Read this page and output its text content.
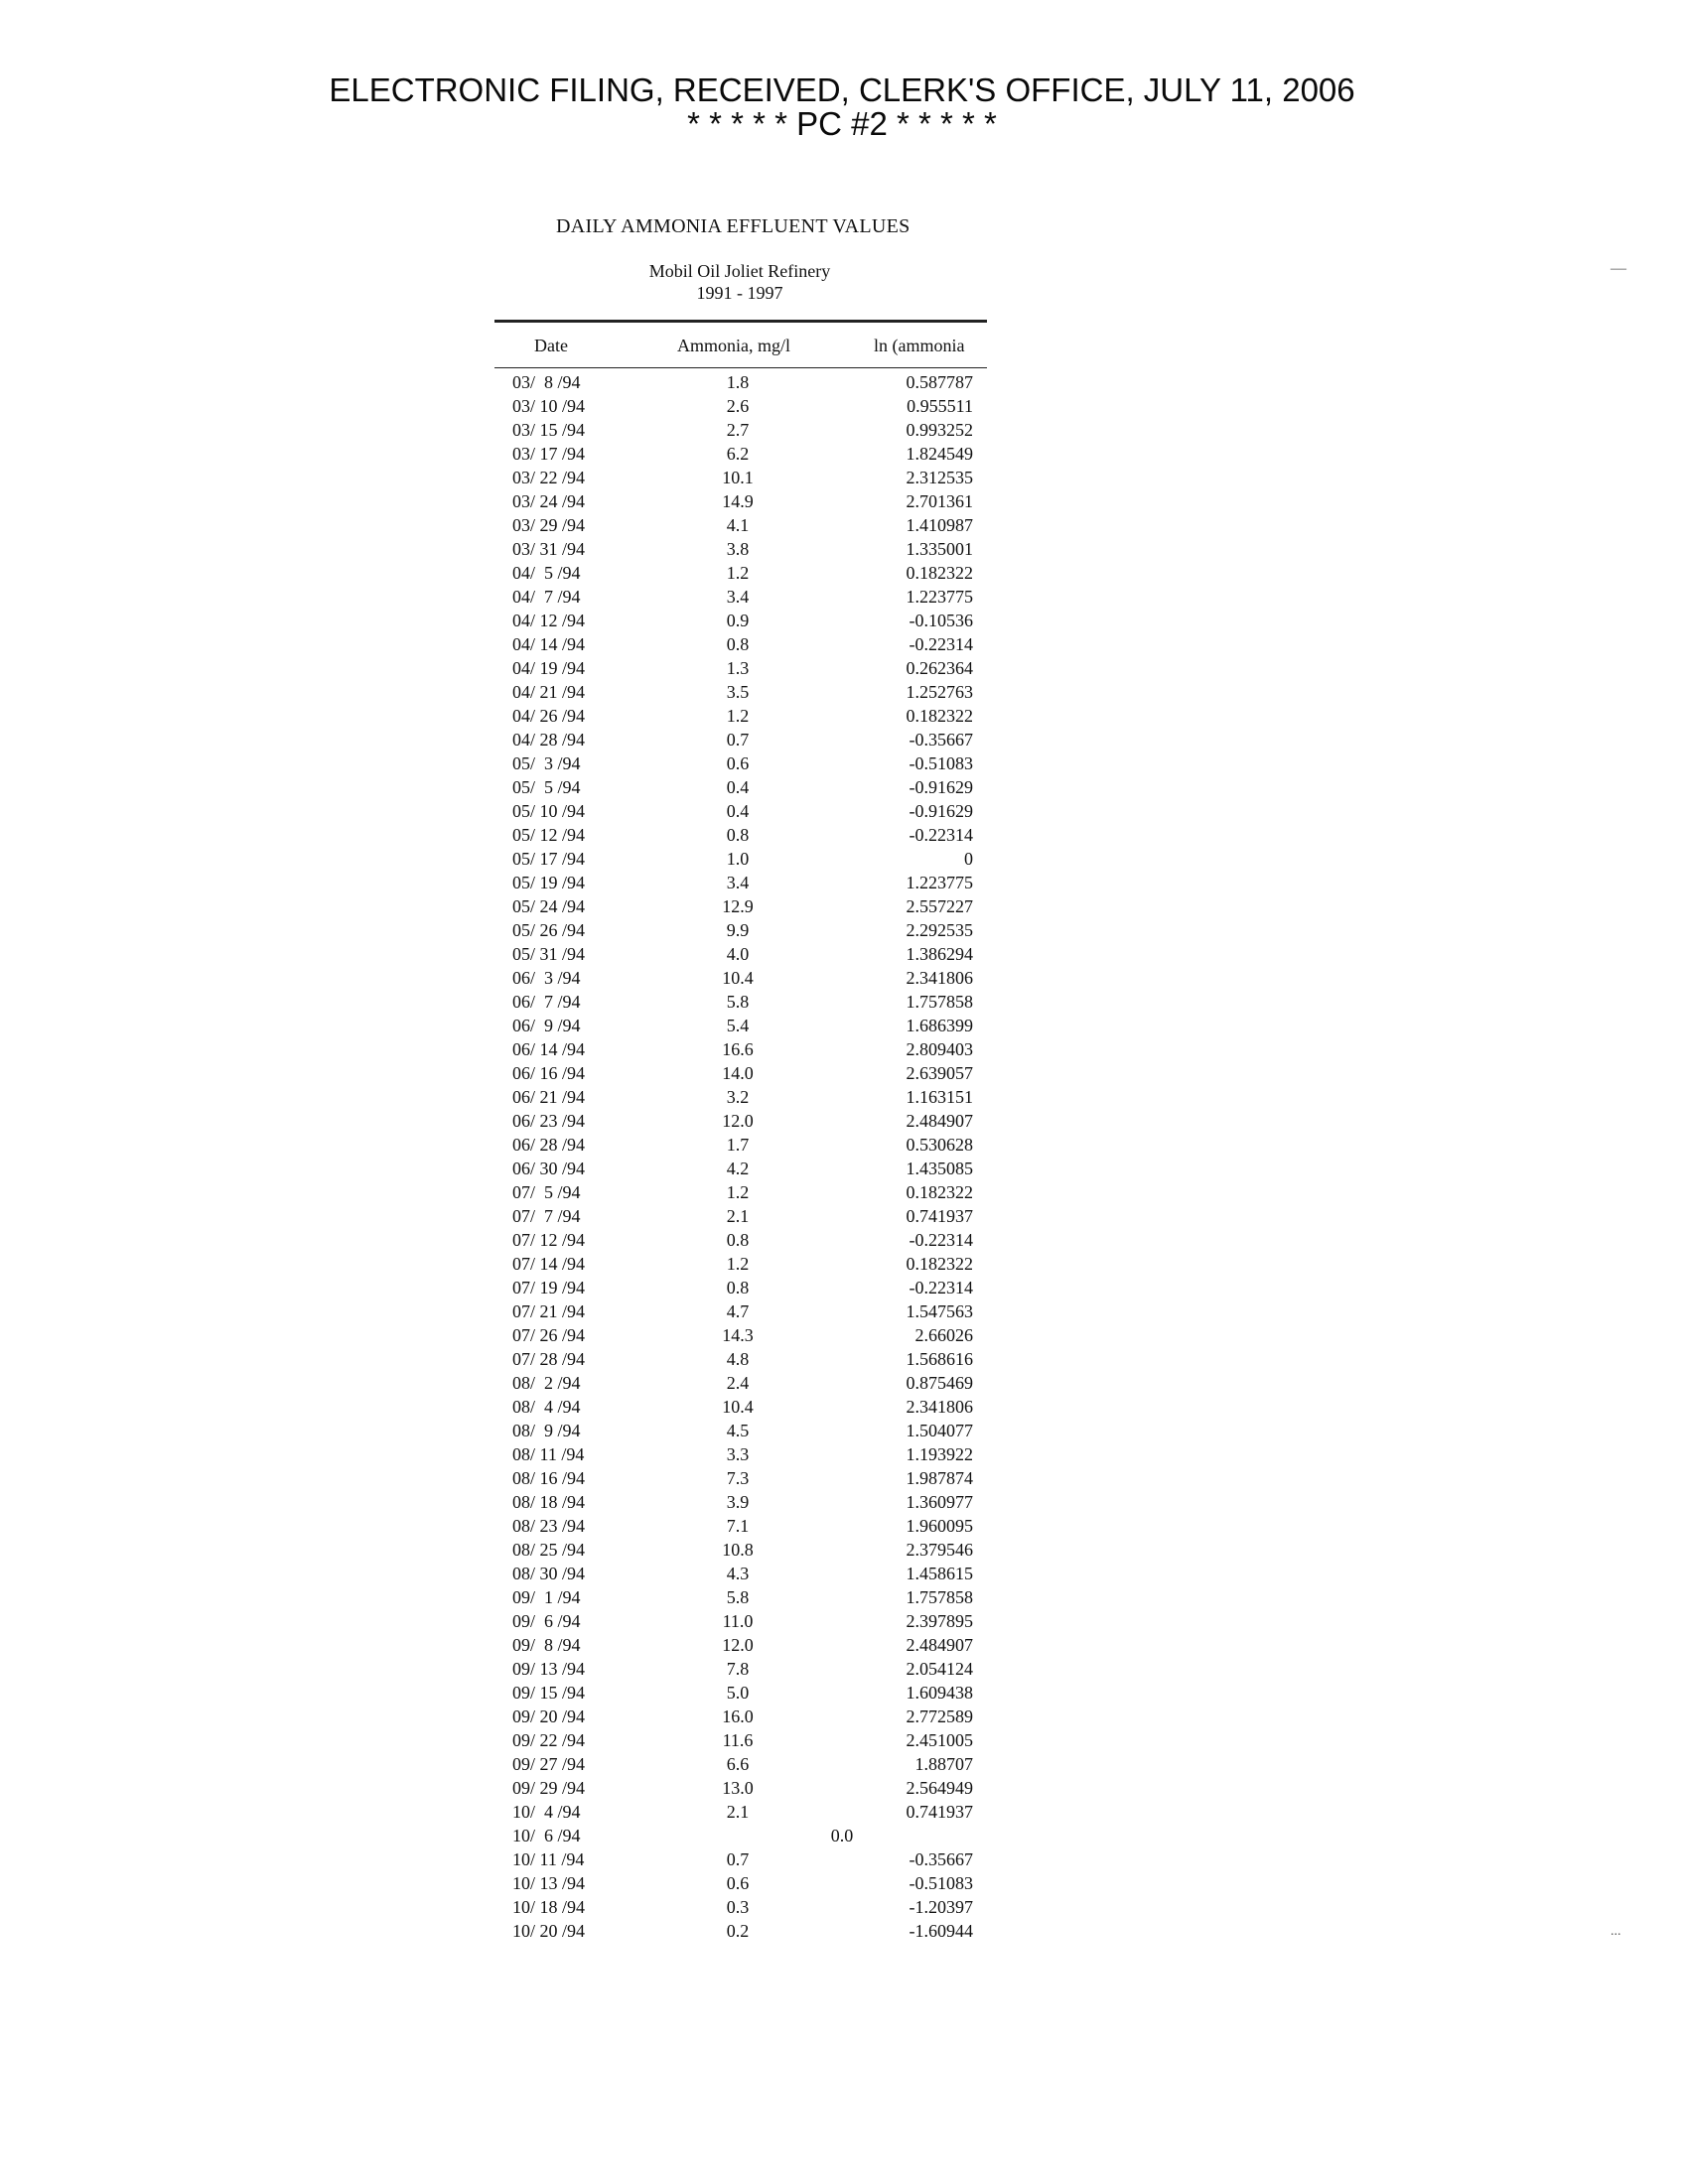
ELECTRONIC FILING, RECEIVED, CLERK'S OFFICE, JULY 11, 2006
* * * * * PC #2 * * * * *
DAILY AMMONIA EFFLUENT VALUES
Mobil Oil Joliet Refinery
1991 - 1997
Date	Ammonia, mg/l	ln (ammonia
03/  8 /94	1.8	0.587787
03/ 10 /94	2.6	0.955511
03/ 15 /94	2.7	0.993252
03/ 17 /94	6.2	1.824549
03/ 22 /94	10.1	2.312535
03/ 24 /94	14.9	2.701361
03/ 29 /94	4.1	1.410987
03/ 31 /94	3.8	1.335001
04/  5 /94	1.2	0.182322
04/  7 /94	3.4	1.223775
04/ 12 /94	0.9	-0.10536
04/ 14 /94	0.8	-0.22314
04/ 19 /94	1.3	0.262364
04/ 21 /94	3.5	1.252763
04/ 26 /94	1.2	0.182322
04/ 28 /94	0.7	-0.35667
05/  3 /94	0.6	-0.51083
05/  5 /94	0.4	-0.91629
05/ 10 /94	0.4	-0.91629
05/ 12 /94	0.8	-0.22314
05/ 17 /94	1.0	0
05/ 19 /94	3.4	1.223775
05/ 24 /94	12.9	2.557227
05/ 26 /94	9.9	2.292535
05/ 31 /94	4.0	1.386294
06/  3 /94	10.4	2.341806
06/  7 /94	5.8	1.757858
06/  9 /94	5.4	1.686399
06/ 14 /94	16.6	2.809403
06/ 16 /94	14.0	2.639057
06/ 21 /94	3.2	1.163151
06/ 23 /94	12.0	2.484907
06/ 28 /94	1.7	0.530628
06/ 30 /94	4.2	1.435085
07/  5 /94	1.2	0.182322
07/  7 /94	2.1	0.741937
07/ 12 /94	0.8	-0.22314
07/ 14 /94	1.2	0.182322
07/ 19 /94	0.8	-0.22314
07/ 21 /94	4.7	1.547563
07/ 26 /94	14.3	2.66026
07/ 28 /94	4.8	1.568616
08/  2 /94	2.4	0.875469
08/  4 /94	10.4	2.341806
08/  9 /94	4.5	1.504077
08/ 11 /94	3.3	1.193922
08/ 16 /94	7.3	1.987874
08/ 18 /94	3.9	1.360977
08/ 23 /94	7.1	1.960095
08/ 25 /94	10.8	2.379546
08/ 30 /94	4.3	1.458615
09/  1 /94	5.8	1.757858
09/  6 /94	11.0	2.397895
09/  8 /94	12.0	2.484907
09/ 13 /94	7.8	2.054124
09/ 15 /94	5.0	1.609438
09/ 20 /94	16.0	2.772589
09/ 22 /94	11.6	2.451005
09/ 27 /94	6.6	1.88707
09/ 29 /94	13.0	2.564949
10/  4 /94	2.1	0.741937
10/  6 /94	0.0
10/ 11 /94	0.7	-0.35667
10/ 13 /94	0.6	-0.51083
10/ 18 /94	0.3	-1.20397
10/ 20 /94	0.2	-1.60944
—
...
